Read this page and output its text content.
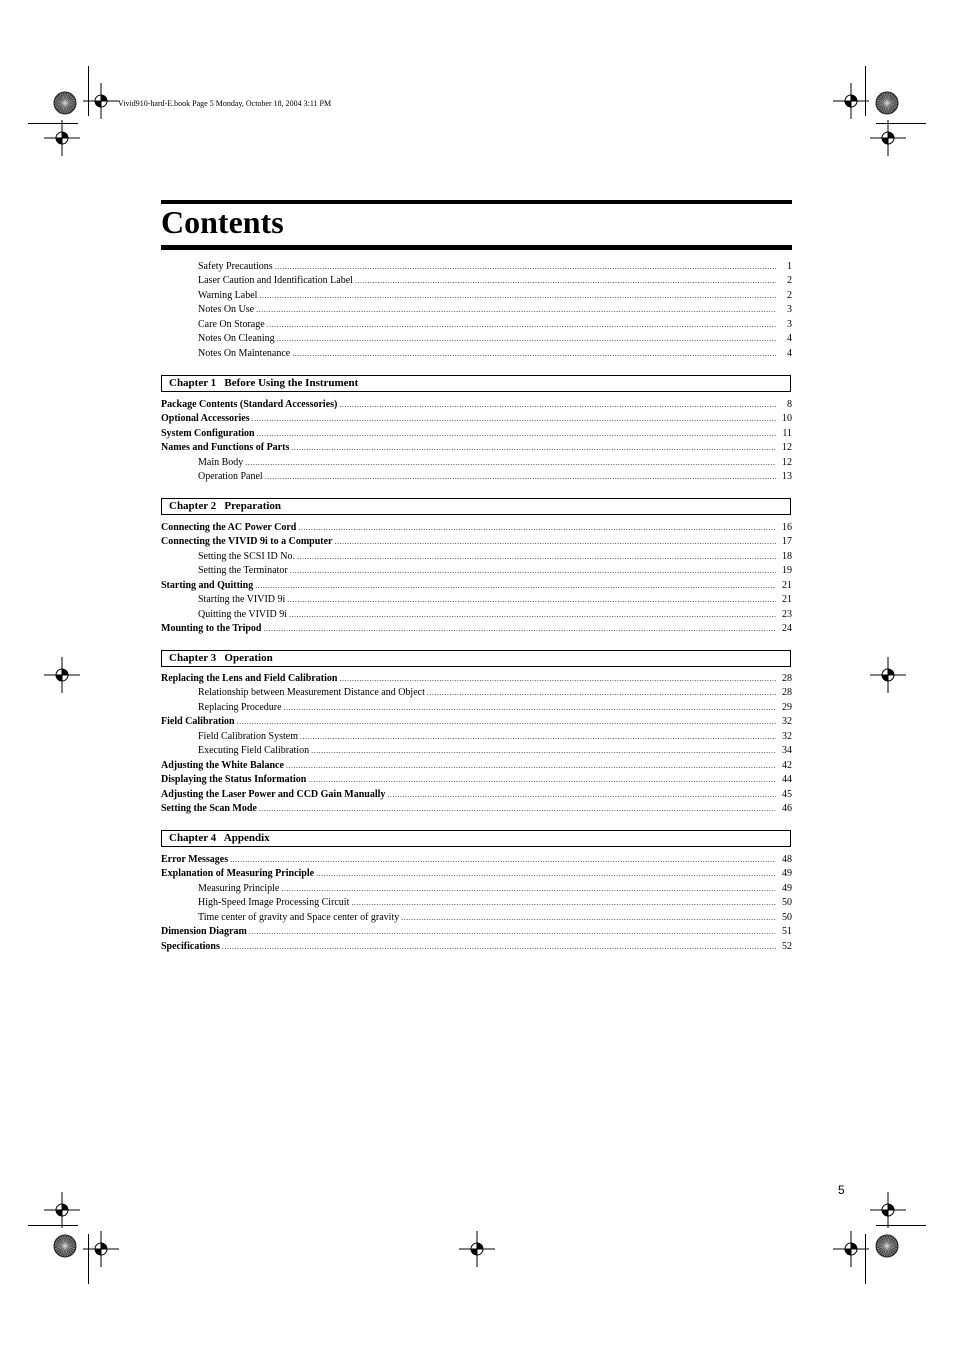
Vivid910-hard-E.book Page 5 Monday, October 18, 2004 3:11 PM
Contents
Safety Precautions .....	1
Laser Caution and Identification Label .....	2
Warning Label .....	2
Notes On Use .....	3
Care On Storage .....	3
Notes On Cleaning .....	4
Notes On Maintenance .....	4
Chapter 1   Before Using the Instrument
Package Contents (Standard Accessories) .....	8
Optional Accessories .....	10
System Configuration .....	11
Names and Functions of Parts .....	12
Main Body .....	12
Operation Panel .....	13
Chapter 2   Preparation
Connecting the AC Power Cord .....	16
Connecting the VIVID 9i to a Computer .....	17
Setting the SCSI ID No. .....	18
Setting the Terminator .....	19
Starting and Quitting .....	21
Starting the VIVID 9i .....	21
Quitting the VIVID 9i .....	23
Mounting to the Tripod .....	24
Chapter 3   Operation
Replacing the Lens and Field Calibration .....	28
Relationship between Measurement Distance and Object .....	28
Replacing Procedure .....	29
Field Calibration .....	32
Field Calibration System .....	32
Executing Field Calibration .....	34
Adjusting the White Balance .....	42
Displaying the Status Information .....	44
Adjusting the Laser Power and CCD Gain Manually .....	45
Setting the Scan Mode .....	46
Chapter 4   Appendix
Error Messages .....	48
Explanation of Measuring Principle .....	49
Measuring Principle .....	49
High-Speed Image Processing Circuit .....	50
Time center of gravity and Space center of gravity .....	50
Dimension Diagram .....	51
Specifications .....	52
5
